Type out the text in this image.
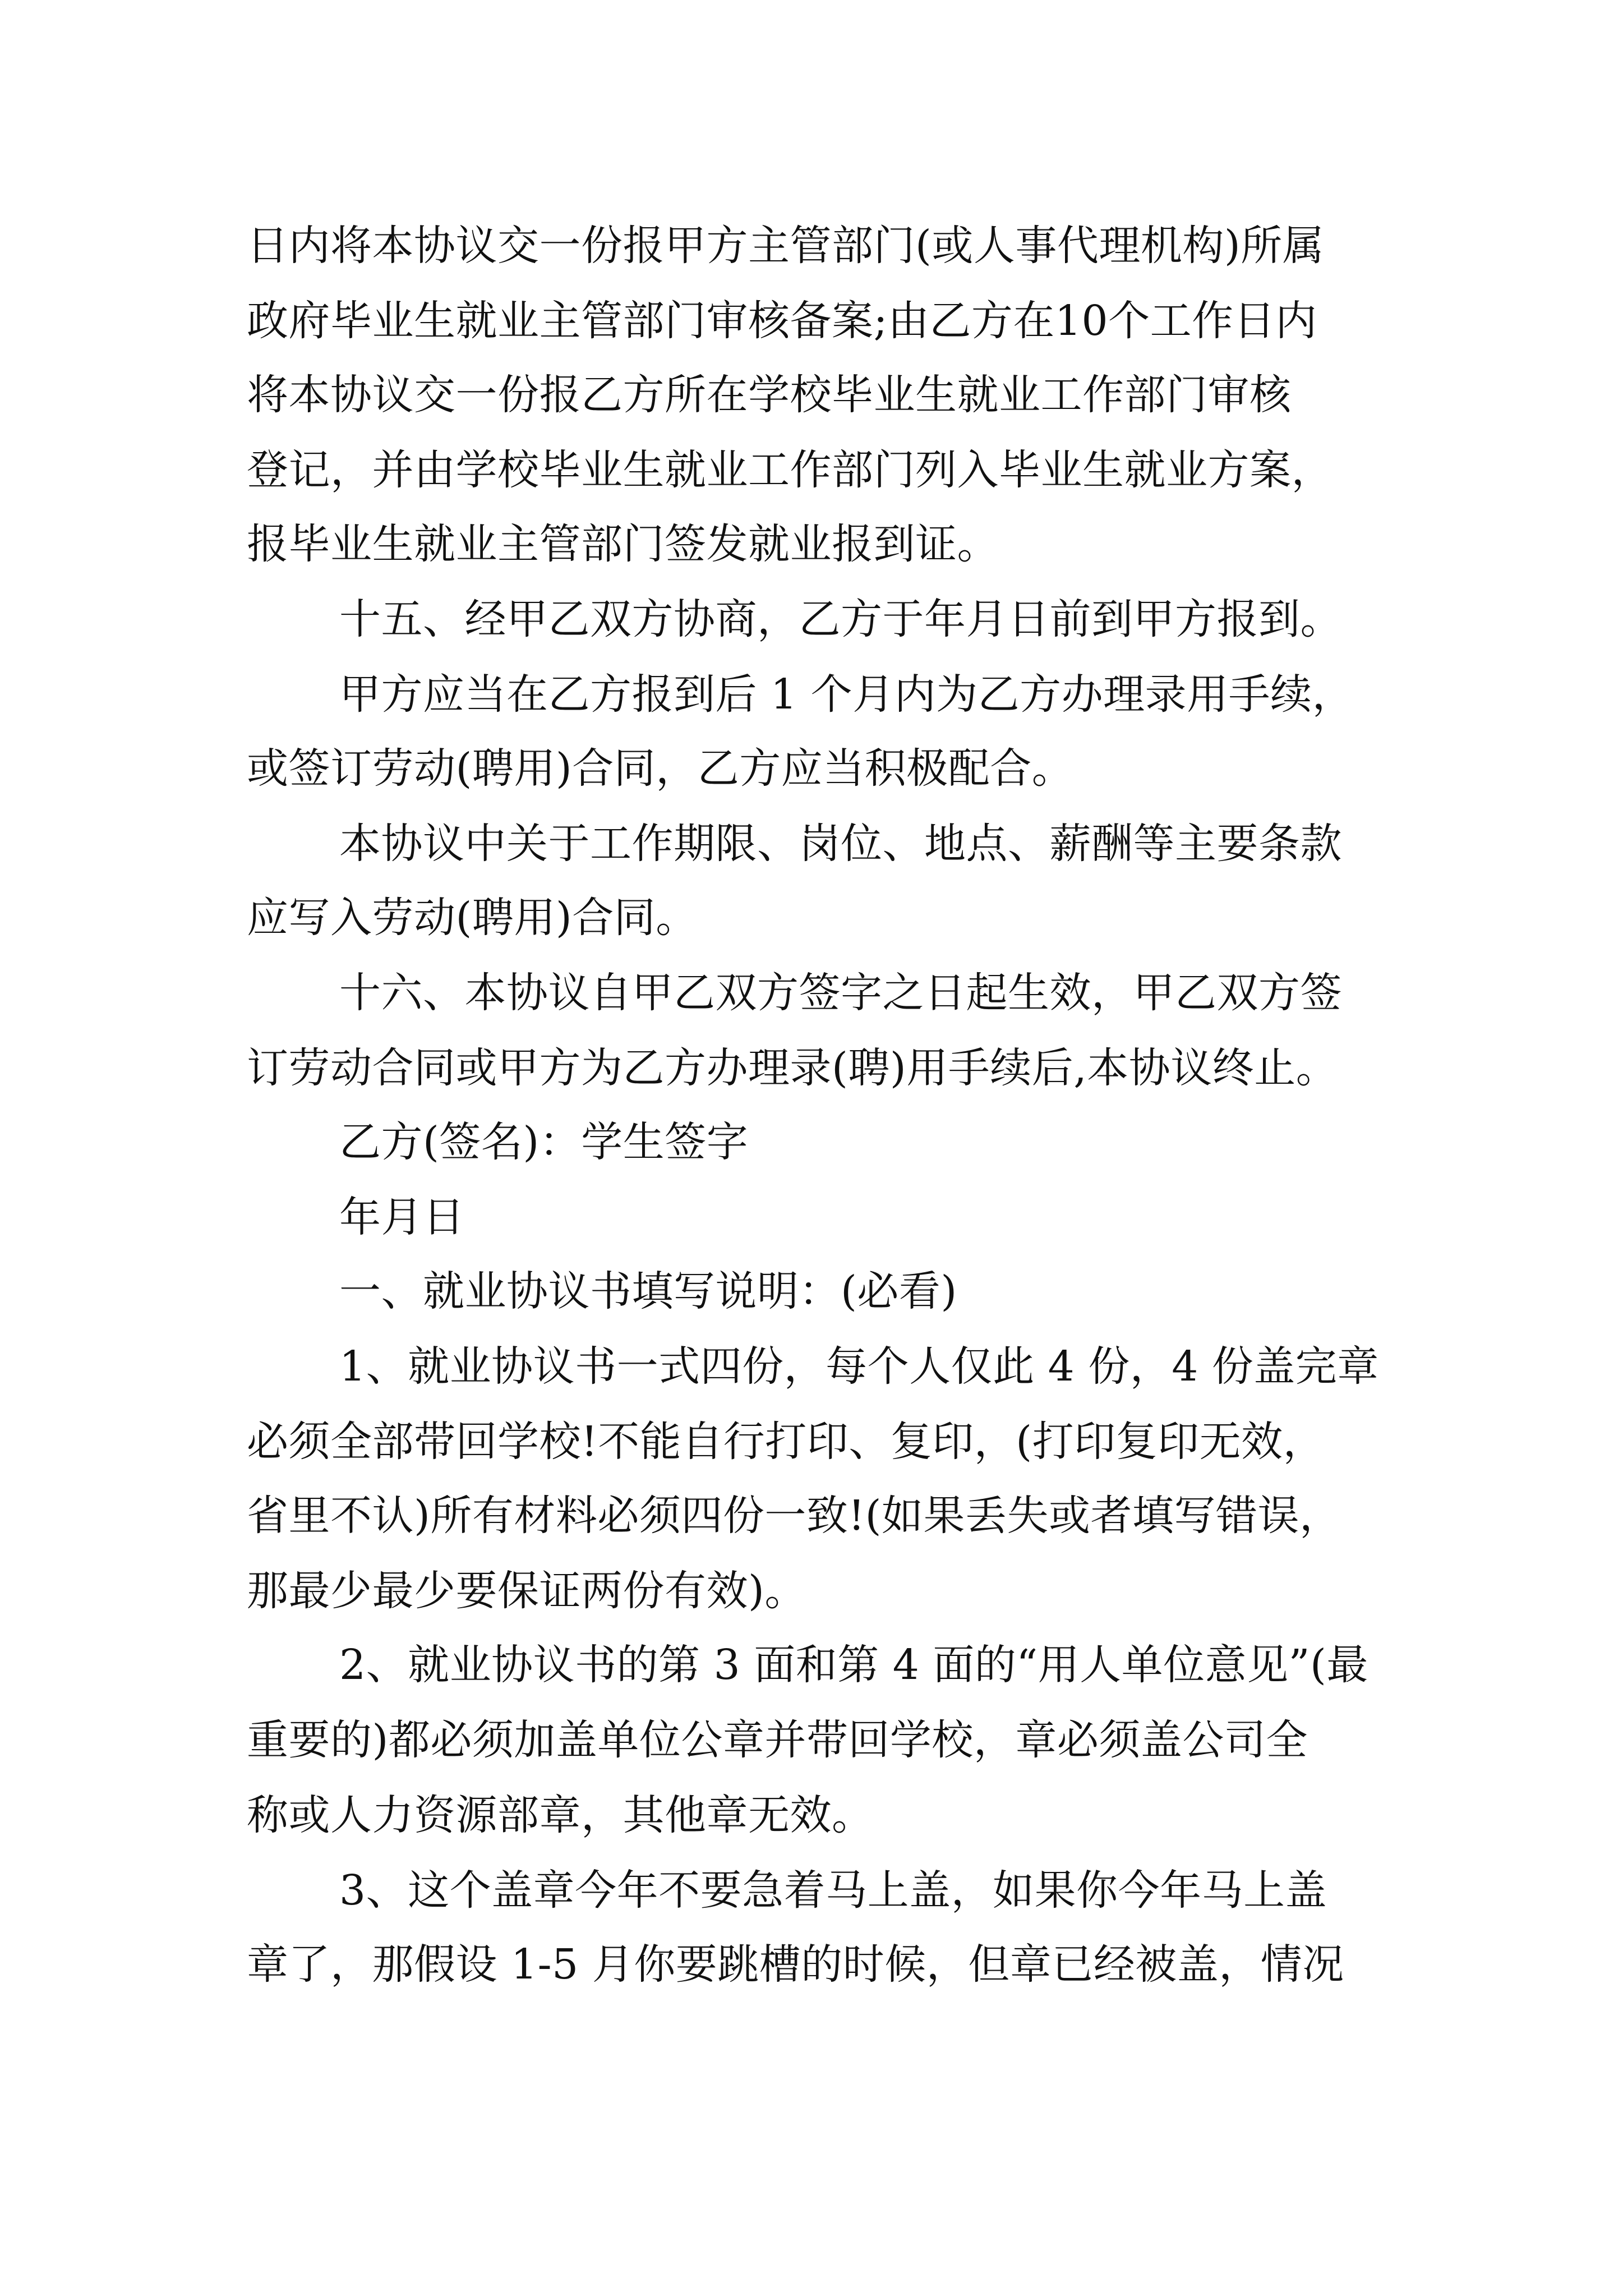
日内将本协议交一份报甲方主管部门(或人事代理机构)所属
政府毕业生就业主管部门审核备案;由乙方在10个工作日内
将本协议交一份报乙方所在学校毕业生就业工作部门审核
登记，并由学校毕业生就业工作部门列入毕业生就业方案，
报毕业生就业主管部门签发就业报到证。
十五、经甲乙双方协商，乙方于年月日前到甲方报到。
甲方应当在乙方报到后 1 个月内为乙方办理录用手续，
或签订劳动(聘用)合同，乙方应当积极配合。
本协议中关于工作期限、岗位、地点、薪酬等主要条款
应写入劳动(聘用)合同。
十六、本协议自甲乙双方签字之日起生效，甲乙双方签
订劳动合同或甲方为乙方办理录(聘)用手续后,本协议终止。
乙方(签名)：学生签字
年月日
一、就业协议书填写说明：(必看)
1、就业协议书一式四份，每个人仅此 4 份，4 份盖完章
必须全部带回学校!不能自行打印、复印，(打印复印无效，
省里不认)所有材料必须四份一致!(如果丢失或者填写错误，
那最少最少要保证两份有效)。
2、就业协议书的第 3 面和第 4 面的“用人单位意见”(最
重要的)都必须加盖单位公章并带回学校，章必须盖公司全
称或人力资源部章，其他章无效。
3、这个盖章今年不要急着马上盖，如果你今年马上盖
章了，那假设 1-5 月你要跳槽的时候，但章已经被盖，情况
